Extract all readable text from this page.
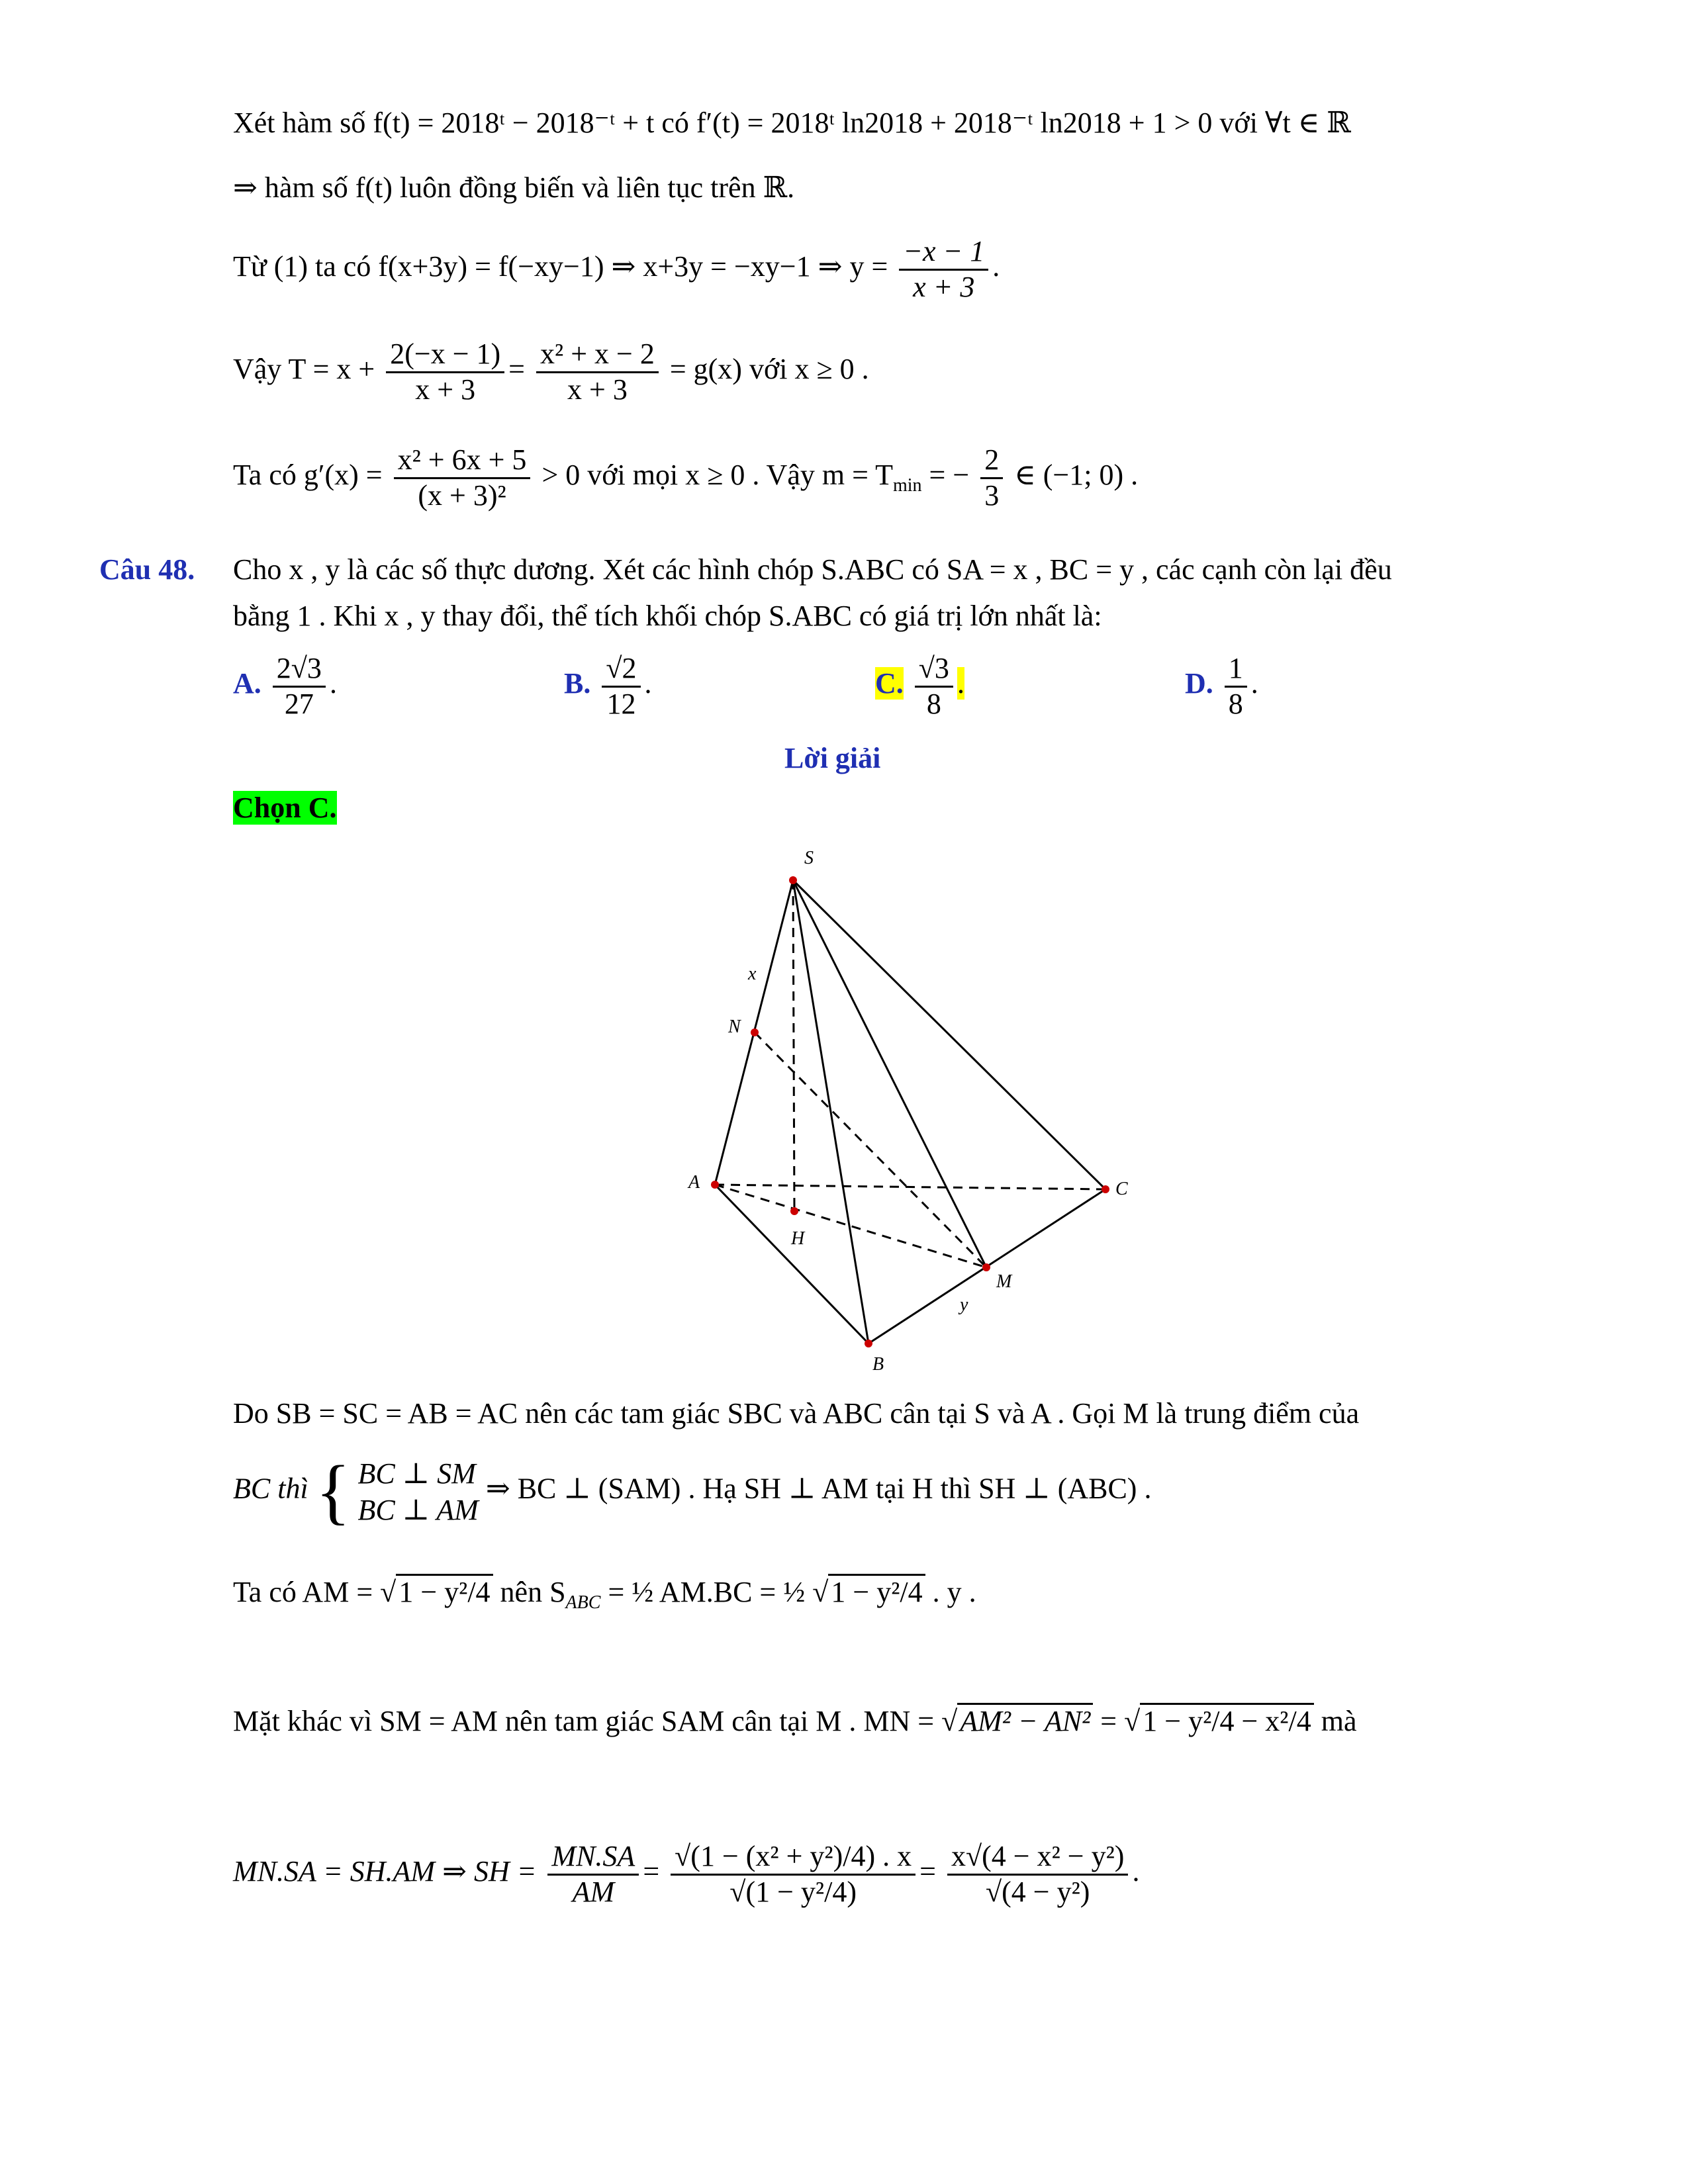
Xét hàm số f(t) = 2018ᵗ − 2018⁻ᵗ + t có f′(t) = 2018ᵗ ln2018 + 2018⁻ᵗ ln2018 + 1 > 0 với ∀t ∈ ℝ
⇒ hàm số f(t) luôn đồng biến và liên tục trên ℝ.
Từ (1) ta có f(x+3y) = f(−xy−1) ⇒ x+3y = −xy−1 ⇒ $y = \frac{-x - 1}{x + 3}$ .
Vậy $T = x + \frac{2(-x - 1)}{x + 3} = \frac{\text{x² + x − 2}}{x + 3} = g(x)$ với x ≥ 0 .
Ta có $g'(x) = \frac{\text{x² + 6x + 5}}{\text{(x + 3)²}} > 0$ với mọi x ≥ 0 . Vậy $m = T_{min}$ = − $\frac{2}{3}$ ∈ (−1; 0) .
Câu 48. Cho x , y là các số thực dương. Xét các hình chóp S.ABC có SA = x , BC = y , các cạnh còn lại đều
bằng 1 . Khi x , y thay đổi, thể tích khối chóp S.ABC có giá trị lớn nhất là:
A. $\frac{2√3}{27}$ .	B. $\frac{√2}{12}$ .	C. $\frac{√3}{8}$ .	D. $\frac{1}{8}$ .
Lời giải
Chọn C.
S
N
x
A	C
H
M
y
B
Do SB = SC = AB = AC nên các tam giác SBC và ABC cân tại S và A . Gọi M là trung điểm của
BC thì { BC ⊥ SM
BC ⊥ AM
⇒ BC ⊥ (SAM) . Hạ SH ⊥ AM tại H thì SH ⊥ (ABC) .
Ta có AM = √1 − y²/4 nên $S_{ABC}$ = ½ AM.BC = ½ √1 − y²/4 . y .
Mặt khác vì SM = AM nên tam giác SAM cân tại M . MN = √AM² − AN² = √1 − y²/4 − x²/4 mà
MN.SA = SH.AM ⇒ SH = $\frac{MN.SA}{AM} = \frac{\text{√(1 − (x² + y²)/4) . x}}{\text{√(1 − y²/4)}} = \frac{\text{x√(4 − x² − y²)}}{\text{√(4 − y²)}}$ .
